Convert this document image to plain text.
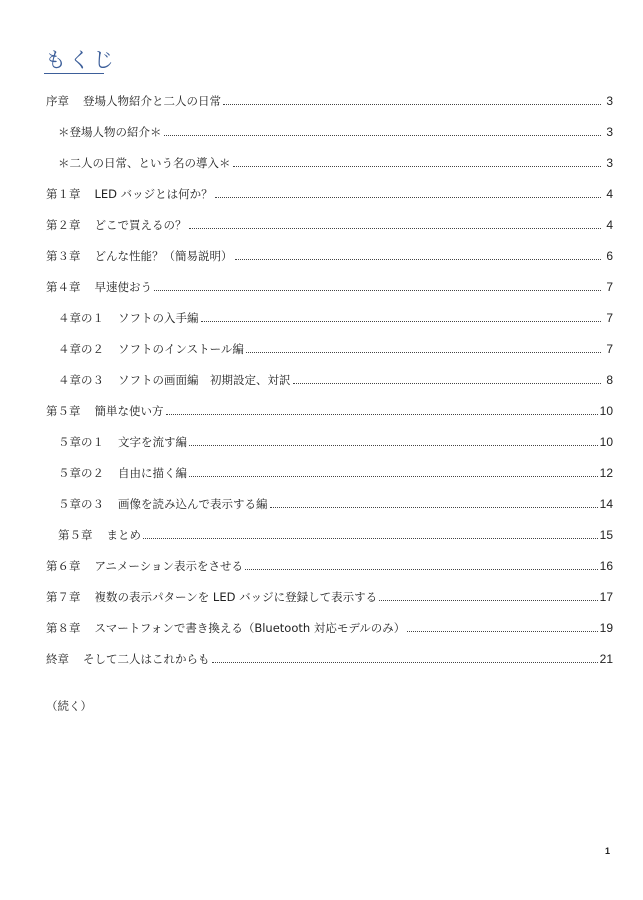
もくじ
序章 登場人物紹介と二人の日常	3
＊登場人物の紹介＊	3
＊二人の日常、という名の導入＊	3
第１章 LED バッジとは何か？	4
第２章 どこで買えるの？	4
第３章 どんな性能？（簡易説明）	6
第４章 早速使おう	7
４章の１ ソフトの入手編	7
４章の２ ソフトのインストール編	7
４章の３ ソフトの画面編　初期設定、対訳	8
第５章 簡単な使い方	10
５章の１ 文字を流す編	10
５章の２ 自由に描く編	12
５章の３ 画像を読み込んで表示する編	14
第５章 まとめ	15
第６章 アニメーション表示をさせる	16
第７章 複数の表示パターンを LED バッジに登録して表示する	17
第８章 スマートフォンで書き換える（Bluetooth 対応モデルのみ）	19
終章 そして二人はこれからも	21
（続く）
1
